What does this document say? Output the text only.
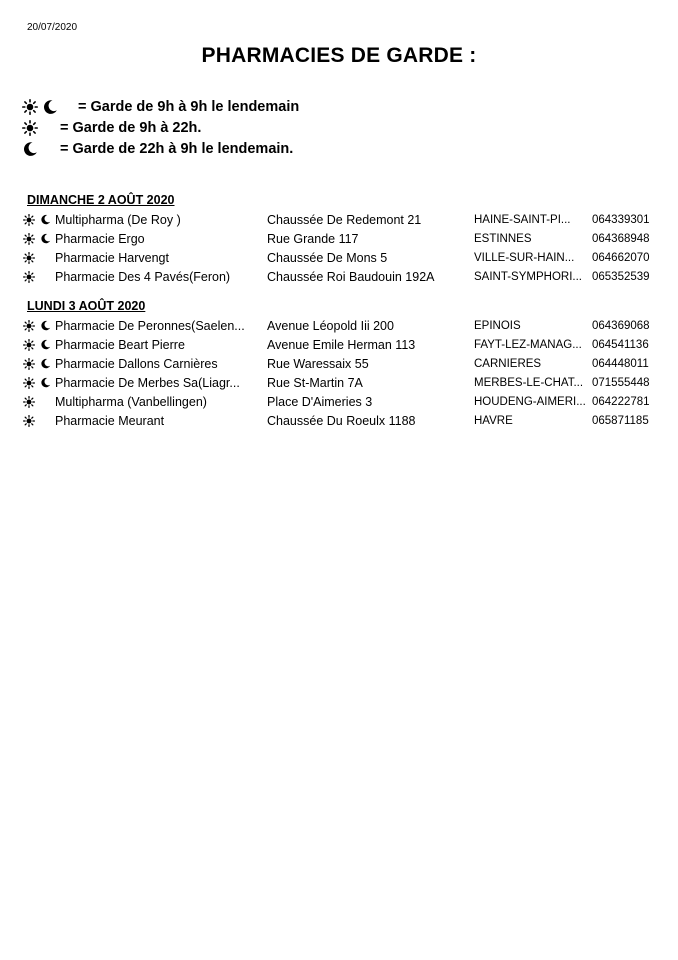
20/07/2020
PHARMACIES DE GARDE :
= Garde de 9h à 9h le lendemain
= Garde de 9h à 22h.
= Garde de 22h à 9h le lendemain.
DIMANCHE 2 AOÛT 2020
Multipharma (De Roy )	Chaussée De Redemont 21	HAINE-SAINT-PI...	064339301
Pharmacie Ergo	Rue Grande 117	ESTINNES	064368948
Pharmacie Harvengt	Chaussée De Mons 5	VILLE-SUR-HAIN...	064662070
Pharmacie Des 4 Pavés(Feron)	Chaussée Roi Baudouin 192A	SAINT-SYMPHORI... 065352539
LUNDI 3 AOÛT 2020
Pharmacie De Peronnes(Saelen...	Avenue Léopold Iii 200	EPINOIS	064369068
Pharmacie Beart Pierre	Avenue Emile Herman 113	FAYT-LEZ-MANAG... 064541136
Pharmacie Dallons Carnières	Rue Waressaix 55	CARNIÈRES	064448011
Pharmacie De Merbes Sa(Liagr...	Rue St-Martin 7A	MERBES-LE-CHAT... 071555448
Multipharma (Vanbellingen)	Place D'Aimeries 3	HOUDENG-AIMERI... 064222781
Pharmacie Meurant	Chaussée Du Roeulx 1188	HAVRÉ	065871185
